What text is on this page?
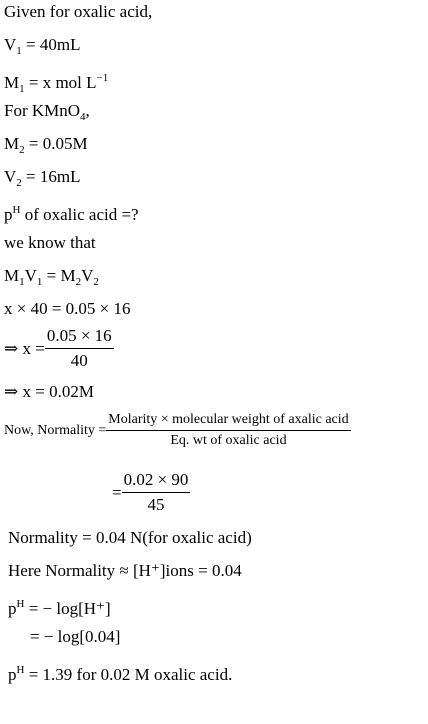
Given for oxalic acid,
$V_1 = 40mL$
$M_1 = x$ mol $L^{-1}$
For KMnO$_4$,
$M_2 = 0.05M$
$V_2 = 16mL$
$p^H$ of oxalic acid =?
we know that
$M_1V_1 = M_2V_2$
x × 40 = 0.05 × 16
⇒ $x = \frac{0.05 \times 16}{40}$
⇒ x = 0.02M
Now, Normality = $\frac{\text{Molarity × molecular weight of axalic acid}}{\text{Eq. wt of oxalic acid}}$
= $\frac{0.02 \times 90}{45}$
Normality = 0.04 N(for oxalic acid)
Here Normality ≈ [H⁺]ions = 0.04
$p^H$ = − log[H⁺]
= − log[0.04]
$p^H = 1.39$ for 0.02 M oxalic acid.
